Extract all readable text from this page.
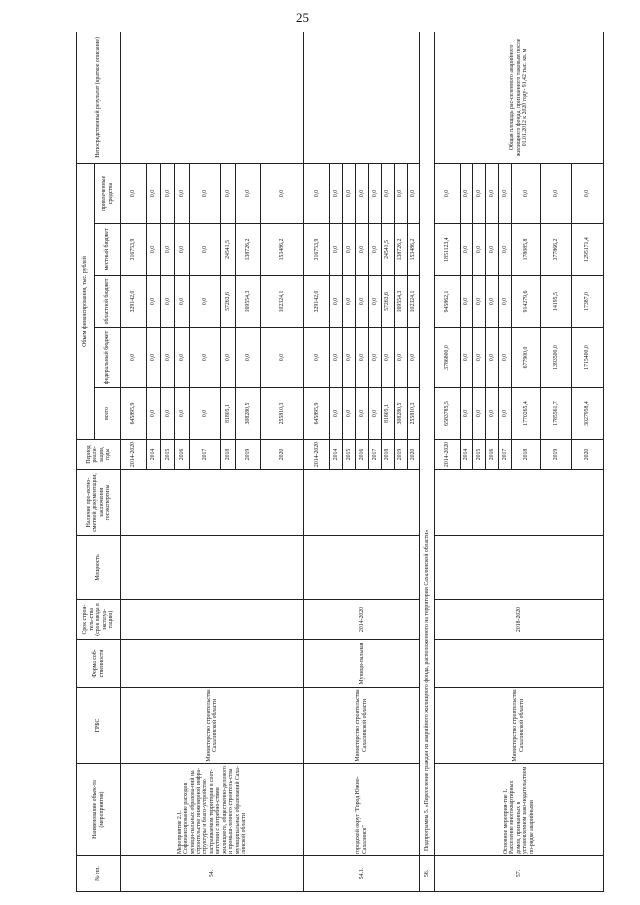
25
№ пп.	Наименование объек-та (мероприятия)	ГРБС	Форма соб-ственности	Срок строи-тель-ства (срок ввода в эксплуа-тацию)	Мощность	Наличие про-ектно-сметной документации, заключения госэкспертизы	Период реали-зации, годы	Объем финансирования, тыс. рублей					Непосредственный результат (краткое описание)
								всего	федеральный бюджет	областной бюджет	местный бюджет	привлеченные средства	
54.	Мероприятие 2.1. Софинансирование расходов муници-пальных образова-ний на строительство инженерной инфра-структуры и благо-устройство застраиваемом территории в соот-ветствии с потребно-стями жилищного, общественно-делового и промыш-ленного строитель-ства муниципальных образований Саха-линской области	Министерство строительства Сахалинской области					2014-2020	645895,9	0,0	329142,0	316753,9	0,0	
							2014	0,0	0,0	0,0	0,0	0,0	
							2015	0,0	0,0	0,0	0,0	0,0	
							2016	0,0	0,0	0,0	0,0	0,0	
							2017	0,0	0,0	0,0	0,0	0,0	
							2018	81805,1	0,0	57263,6	24541,5	0,0	
							2019	308280,5	0,0	169554,3	138726,2	0,0	
							2020	255810,3	0,0	102324,1	153486,2	0,0	
54.1.	городской округ "Город Южно-Сахалинск"	Министерство строительства Сахалинской области	Муници-пальная	2014-2020			2014-2020	645895,9	0,0	329142,0	316753,9	0,0	
							2014	0,0	0,0	0,0	0,0	0,0	
							2015	0,0	0,0	0,0	0,0	0,0	
							2016	0,0	0,0	0,0	0,0	0,0	
							2017	0,0	0,0	0,0	0,0	0,0	
							2018	81805,1	0,0	57263,6	24541,5	0,0	
							2019	308280,5	0,0	169554,3	138726,2	0,0	
							2020	255810,3	0,0	102324,1	153486,2	0,0	
56.	Подпрограмма 5. «Переселение граждан из аварийного жилищного фонда, расположенного на территории Сахалинской области»												
57.	Основное мероприя-тие 1. Расселение многоквартирных домов, признанных в установленном зако-нодательством по-рядке аварийными	Министерство строительства Сахалинской области		2018-2020			2014-2020	6583785,5	3786800,0	945862,1	1851123,4	0,0	Общая площадь рас-селенного аварийного жилищного фонда, признанного таковым после 01.01.2012 к 2020 году- 91,42 тыс. кв. м
							2014	0,0	0,0	0,0	0,0	0,0	
							2015	0,0	0,0	0,0	0,0	0,0	
							2016	0,0	0,0	0,0	0,0	0,0	
							2017	0,0	0,0	0,0	0,0	0,0	
							2018	1770265,4	677900,0	914279,6	178085,8	0,0	
							2019	1785561,7	1393500,0	14195,5	377866,2	0,0	
							2020	3027958,4	1715400,0	17387,0	1295171,4	0,0	
